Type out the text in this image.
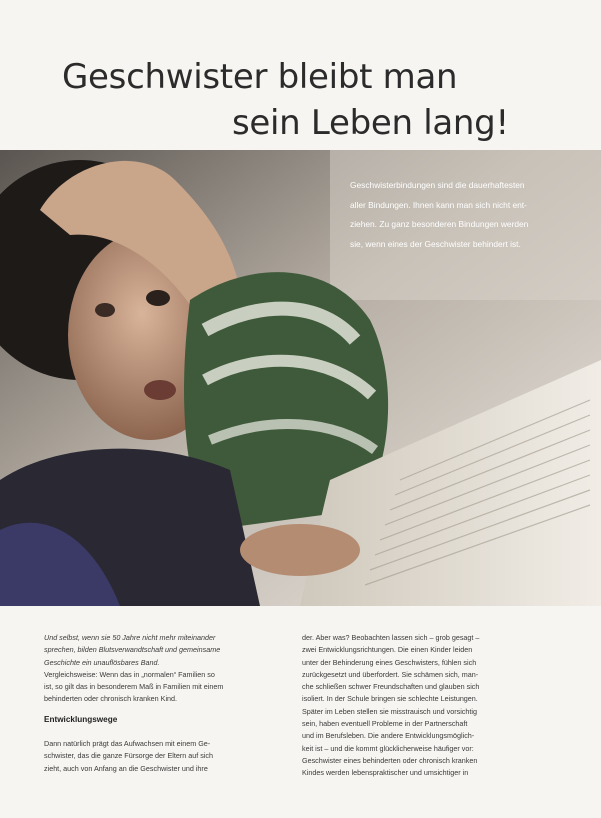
Geschwister bleibt man
sein Leben lang!
Geschwisterbindungen sind die dauerhaftesten
aller Bindungen. Ihnen kann man sich nicht ent-
ziehen. Zu ganz besonderen Bindungen werden
sie, wenn eines der Geschwister behindert ist.
Und selbst, wenn sie 50 Jahre nicht mehr miteinander
sprechen, bilden Blutsverwandtschaft und gemeinsame
Geschichte ein unauflösbares Band.
Vergleichsweise: Wenn das in „normalen“ Familien so
ist, so gilt das in besonderem Maß in Familien mit einem
behinderten oder chronisch kranken Kind.
Entwicklungswege
Dann natürlich prägt das Aufwachsen mit einem Ge-
schwister, das die ganze Fürsorge der Eltern auf sich
zieht, auch von Anfang an die Geschwister und ihre
der. Aber was? Beobachten lassen sich – grob gesagt –
zwei Entwicklungsrichtungen. Die einen Kinder leiden
unter der Behinderung eines Geschwisters, fühlen sich
zurückgesetzt und überfordert. Sie schämen sich, man-
che schließen schwer Freundschaften und glauben sich
isoliert. In der Schule bringen sie schlechte Leistungen.
Später im Leben stellen sie misstrauisch und vorsichtig
sein, haben eventuell Probleme in der Partnerschaft
und im Berufsleben. Die andere Entwicklungsmöglich-
keit ist – und die kommt glücklicherweise häufiger vor:
Geschwister eines behinderten oder chronisch kranken
Kindes werden lebenspraktischer und umsichtiger in
